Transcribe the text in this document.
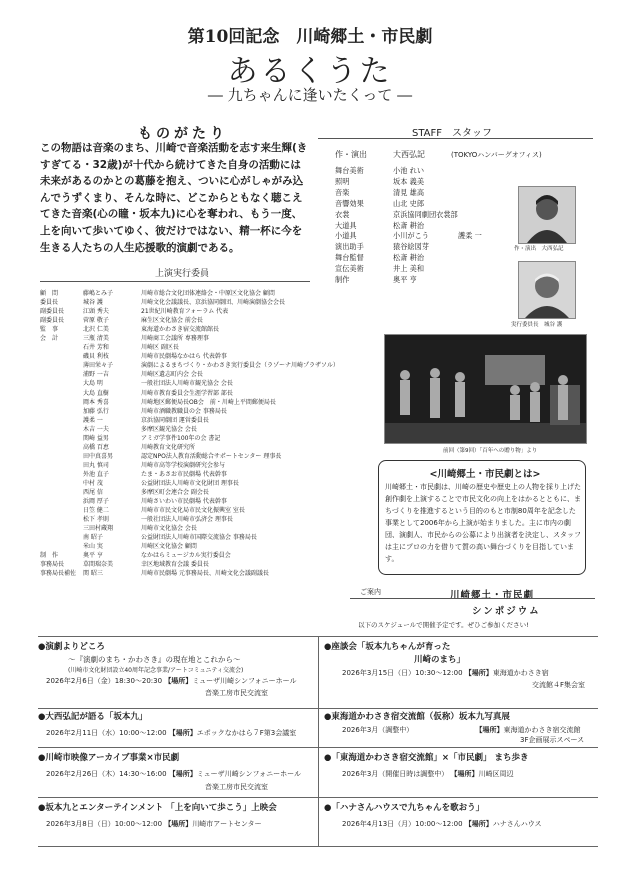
第10回記念　川崎郷土・市民劇
あるくうた
― 九ちゃんに逢いたくって ―
ものがたり

この物語は音楽のまち、川崎で音楽活動を志す来生輝(きすぎてる・32歳)が十代から続けてきた自身の活動には未来があるのかとの葛藤を抱え、ついに心がしゃがみ込んでうずくまり、そんな時に、どこからともなく聴こえてきた音楽(心の瞳・坂本九)に心を奪われ、もう一度、上を向いて歩いてゆく、彼だけではない、精一杯に今を生きる人たちの人生応援歌的演劇である。

STAFF　スタッフ
作・演出	大西弘記	(TOKYOハンバーグオフィス)
舞台美術	小池 れい	
照明	坂本 義美	
音楽	清見 雄高	
音響効果	山北 史郎	
衣裳	京浜協同劇団衣裳部	
大道具	松斎 耕治	
小道具	小川がこう	護柔 一
演出助手	猿谷絵図芽	
舞台監督	松斎 耕治	
宣伝美術	井上 美和	
制作	奥平 亨	
作・演出　大西弘記
実行委員長　城谷 護
前回（第9回）「百年への贈り物」より
上演実行委員
顧　問	藤嶋とみ子	川崎市総合文化団体連絡会・中原区文化協会 顧問
委員長	城谷 護	川崎文化会議議長、京浜協同劇団、川崎演劇協会会長
副委員長	江頭 秀夫	21世紀川崎教育フォーラム 代表
副委員長	菅原 敬子	麻生区文化協会 前会長
監　事	北沢 仁美	東海道かわさき宿交流館館長
会　計	三瓶 清美	川崎商工会議所 専務理事
	石井 芳和	川崎区 副区長
	磯貝 利枝	川崎市民劇場なかはら 代表幹事
	薄田栄々子	演劇によるまちづくり・かわさき実行委員会（ラゾーナ川崎プラザソル）
	浦野 一吉	川崎区遺志町内会 会長
	大島 明	一般社団法人川崎市観光協会 会長
	大島 直樹	川崎市教育委員会生涯学習部 部長
	岡本 秀喜	川崎地区郵便局長OB会　前・川崎上平間郵便局長
	加藤 弘行	川崎市酒職教職員の会 事務局長
	護柔 一	京浜協同劇団 運営委員長
	木吉 一夫	多摩区観光協会 会長
	関崎 益男	アミガ学事件100年の会 書記
	高橋 百恵	川崎教育文化研究所
	田中真喜男	認定NPO法人教育活動総合サポートセンター 理事長
	田丸 慎司	川崎市高等学校演劇研究会参与
	外池 直子	たま・あさお市民劇場 代表幹事
	中村 茂	公益財団法人川崎市文化財団 理事長
	西尾 信	多摩区町会連合会 副会長
	浜岡 厚子	川崎さいわい市民劇場 代表幹事
	日笠 健二	川崎市市民文化局市民文化振興室 室長
	松下 孝則	一般社団法人川崎市弘済会 理事長
	三田村蔵翔	川崎市文化協会 会長
	南 昭子	公益財団法人川崎市国際交流協会 事務局長
	米山 実	川崎区文化協会 顧問
制　作	奥平 亨	なかはらミュージカル実行委員会
事務局長	草間瑞奈美	幸区地域教育会議 委員長
事務局長補佐	関 昭三	川崎市民劇場 元事務局長、川崎文化会議副議長
<川崎郷土・市民劇とは>

川崎郷土・市民劇は、川崎の歴史や歴史上の人物を採り上げた創作劇を上演することで市民文化の向上をはかるとともに、まちづくりを推進するという目的のもと市制80周年を記念した事業として2006年から上演が始まりました。主に市内の劇団、演劇人、市民からの公募により出演者を決定し、スタッフは主にプロの力を借りて質の高い舞台づくりを目指しています。

ご案内	川崎郷土・市民劇
シンポジウム
以下のスケジュールで開催予定です。ぜひご参加ください!
●演劇よりどころ
〜『演劇のまち・かわさき』の現在地とこれから〜
(川崎市文化財団設立40周年記念事業/アートコミュニティ交流会)
2026年2月6日（金）18:30〜20:30 【場所】ミューザ川崎シンフォニーホール
音楽工房市民交流室
●大西弘記が語る「坂本九」
2026年2月11日（水）10:00〜12:00 【場所】エポックなかはら７F第3会議室
●川崎市映像アーカイブ事業×市民劇
2026年2月26日（木）14:30〜16:00 【場所】ミューザ川崎シンフォニーホール
音楽工房市民交流室
●坂本九とエンターテインメント 「上を向いて歩こう」上映会
2026年3月8日（日）10:00〜12:00 【場所】川崎市アートセンター
●座談会「坂本九ちゃんが育った
川崎のまち」
2026年3月15日（日）10:30〜12:00 【場所】東海道かわさき宿
交流館４F集会室
●東海道かわさき宿交流館（仮称）坂本九写真展
2026年3月（調整中）	【場所】東海道かわさき宿交流館
3F企画展示スペース
●「東海道かわさき宿交流館」×「市民劇」 まち歩き
2026年3月（開催日時は調整中） 【場所】川崎区周辺
●「ハナさんハウスで九ちゃんを歌おう」
2026年4月13日（月）10:00〜12:00 【場所】ハナさんハウス
